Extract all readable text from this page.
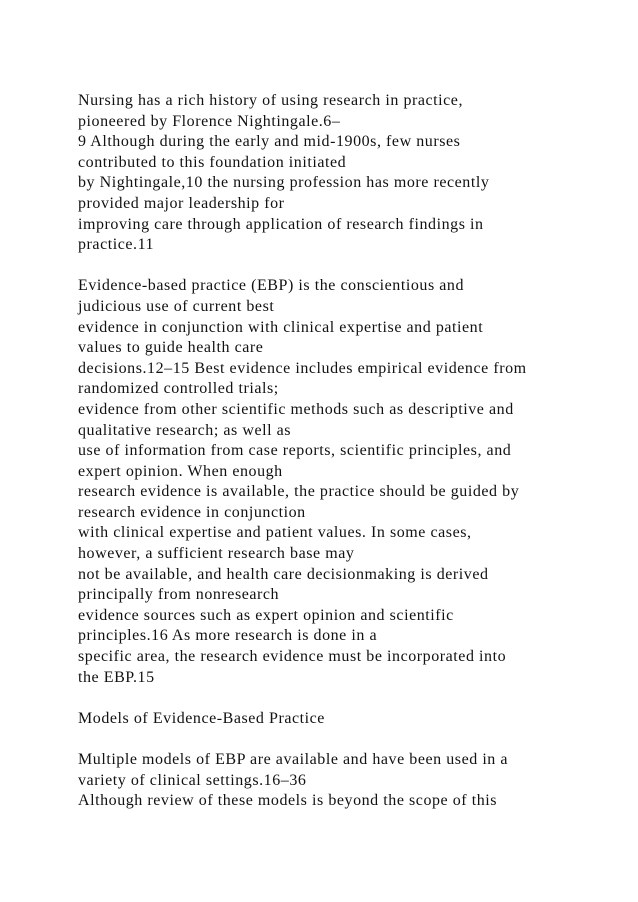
Nursing has a rich history of using research in practice,
pioneered by Florence Nightingale.6–
9 Although during the early and mid-1900s, few nurses
contributed to this foundation initiated
by Nightingale,10 the nursing profession has more recently
provided major leadership for
improving care through application of research findings in
practice.11
Evidence-based practice (EBP) is the conscientious and
judicious use of current best
evidence in conjunction with clinical expertise and patient
values to guide health care
decisions.12–15 Best evidence includes empirical evidence from
randomized controlled trials;
evidence from other scientific methods such as descriptive and
qualitative research; as well as
use of information from case reports, scientific principles, and
expert opinion. When enough
research evidence is available, the practice should be guided by
research evidence in conjunction
with clinical expertise and patient values. In some cases,
however, a sufficient research base may
not be available, and health care decisionmaking is derived
principally from nonresearch
evidence sources such as expert opinion and scientific
principles.16 As more research is done in a
specific area, the research evidence must be incorporated into
the EBP.15
Models of Evidence-Based Practice
Multiple models of EBP are available and have been used in a
variety of clinical settings.16–36
Although review of these models is beyond the scope of this
